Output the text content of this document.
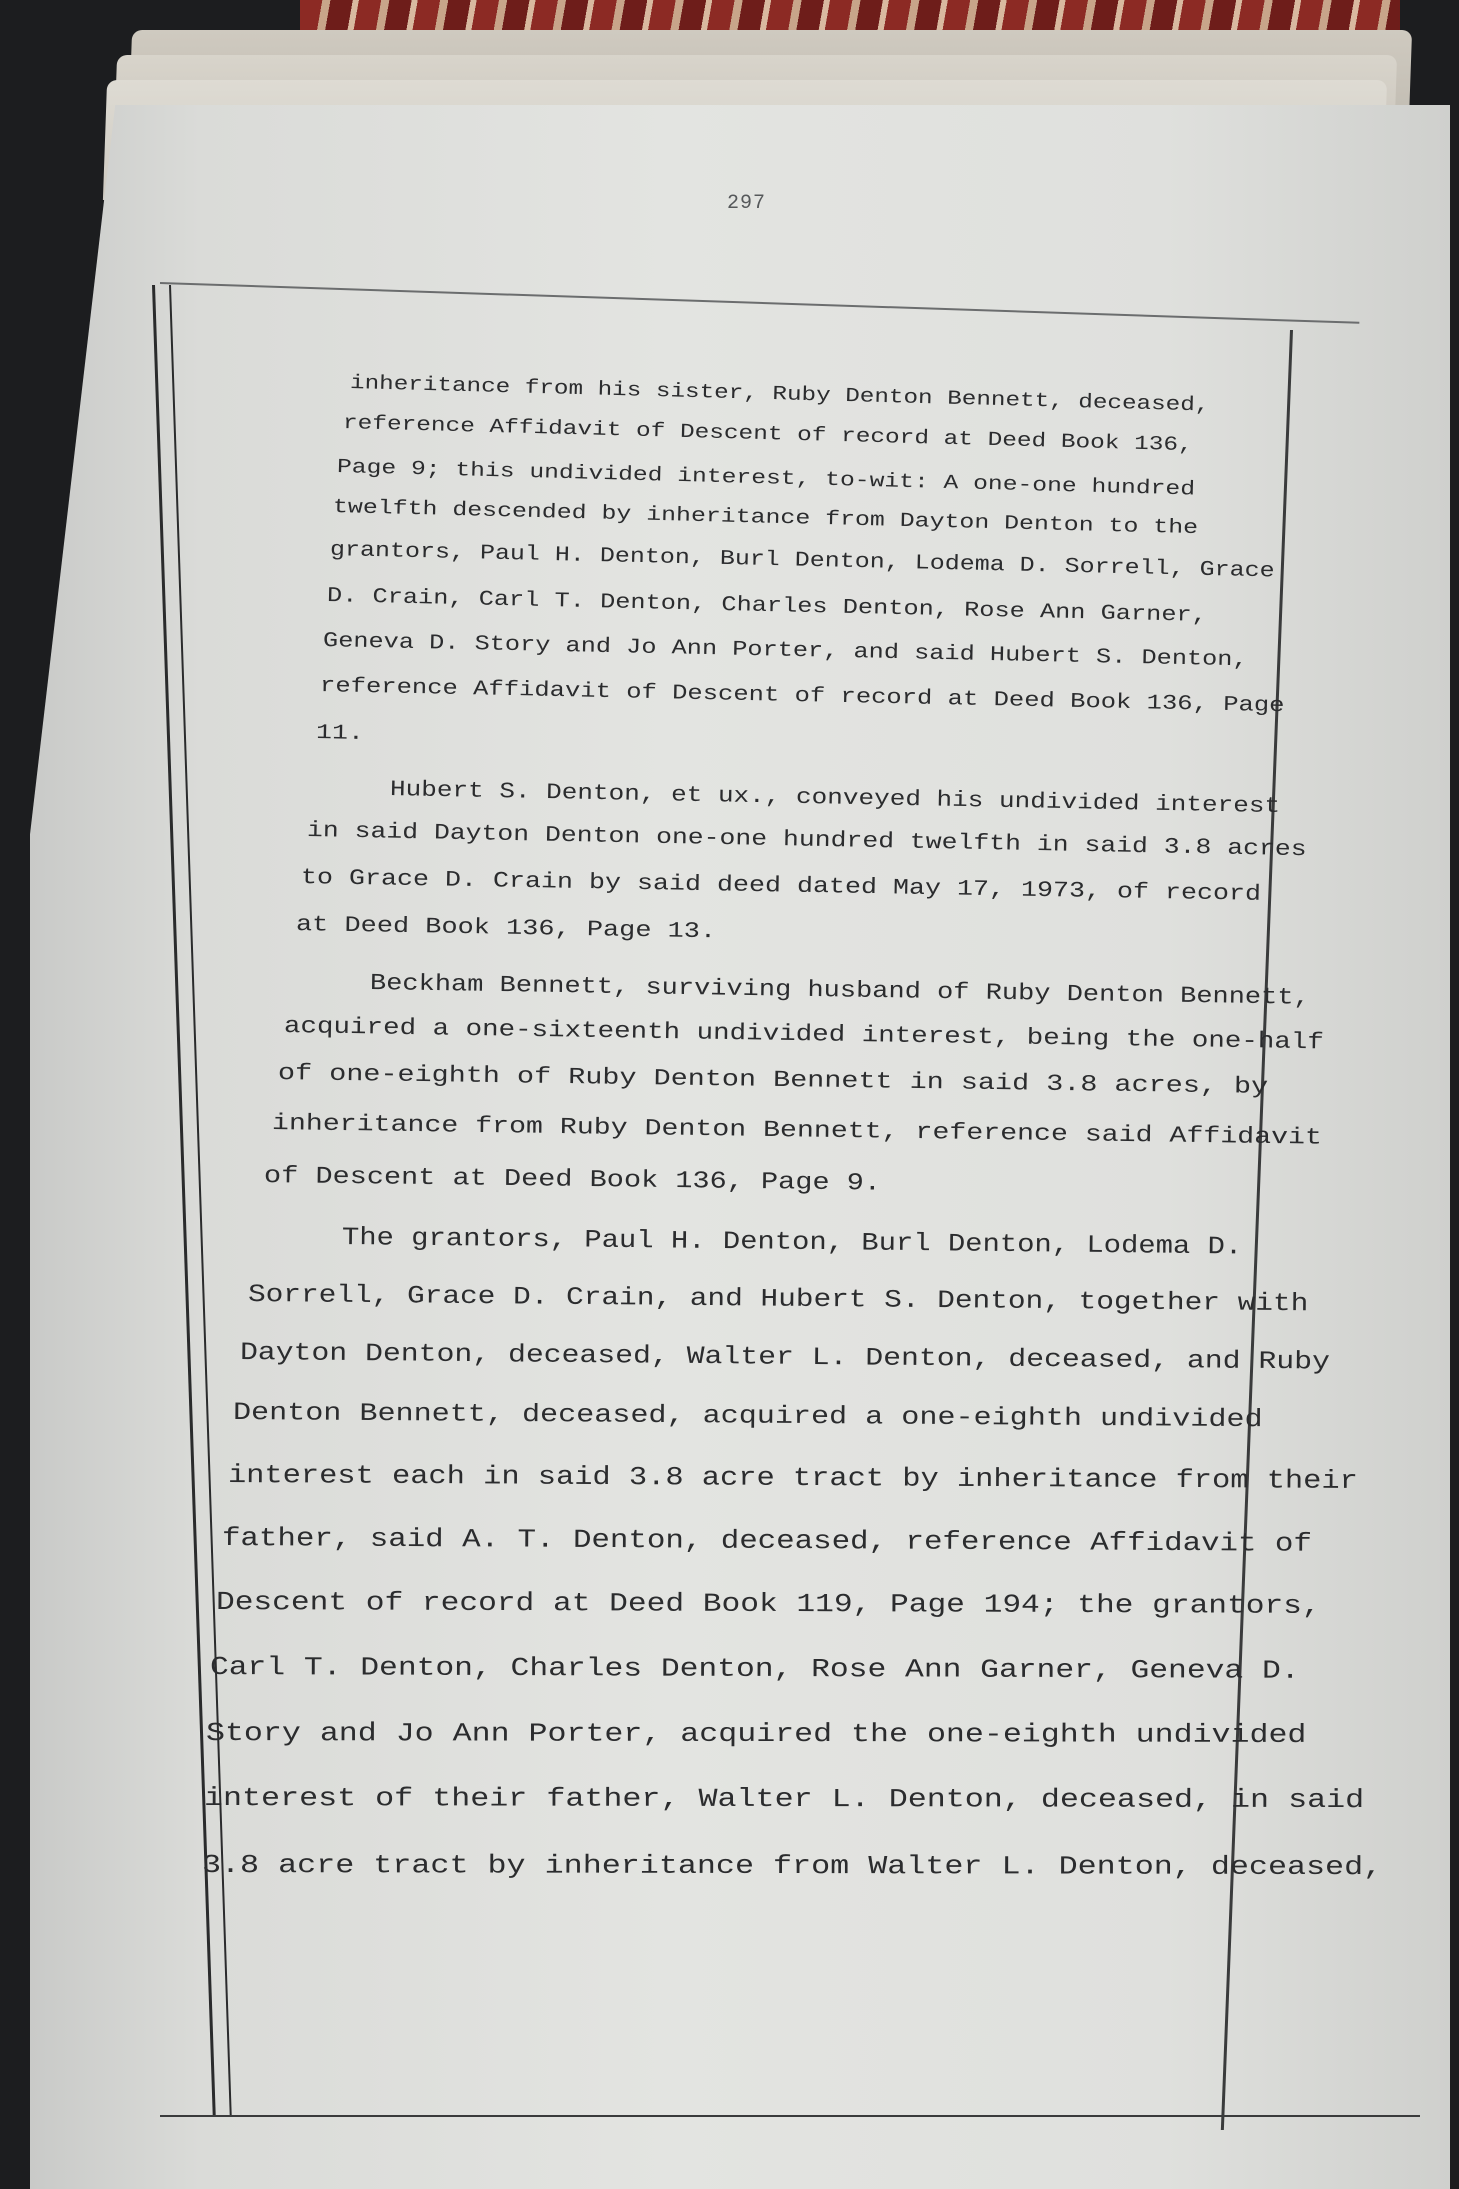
297
inheritance from his sister, Ruby Denton Bennett, deceased,
reference Affidavit of Descent of record at Deed Book 136,
Page 9; this undivided interest, to-wit: A one-one hundred
twelfth descended by inheritance from Dayton Denton to the
grantors, Paul H. Denton, Burl Denton, Lodema D. Sorrell, Grace
D. Crain, Carl T. Denton, Charles Denton, Rose Ann Garner,
Geneva D. Story and Jo Ann Porter, and said Hubert S. Denton,
reference Affidavit of Descent of record at Deed Book 136, Page
11.
Hubert S. Denton, et ux., conveyed his undivided interest
in said Dayton Denton one-one hundred twelfth in said 3.8 acres
to Grace D. Crain by said deed dated May 17, 1973, of record
at Deed Book 136, Page 13.
Beckham Bennett, surviving husband of Ruby Denton Bennett,
acquired a one-sixteenth undivided interest, being the one-half
of one-eighth of Ruby Denton Bennett in said 3.8 acres, by
inheritance from Ruby Denton Bennett, reference said Affidavit
of Descent at Deed Book 136, Page 9.
The grantors, Paul H. Denton, Burl Denton, Lodema D.
Sorrell, Grace D. Crain, and Hubert S. Denton, together with
Dayton Denton, deceased, Walter L. Denton, deceased, and Ruby
Denton Bennett, deceased, acquired a one-eighth undivided
interest each in said 3.8 acre tract by inheritance from their
father, said A. T. Denton, deceased, reference Affidavit of
Descent of record at Deed Book 119, Page 194; the grantors,
Carl T. Denton, Charles Denton, Rose Ann Garner, Geneva D.
Story and Jo Ann Porter, acquired the one-eighth undivided
interest of their father, Walter L. Denton, deceased, in said
3.8 acre tract by inheritance from Walter L. Denton, deceased,
